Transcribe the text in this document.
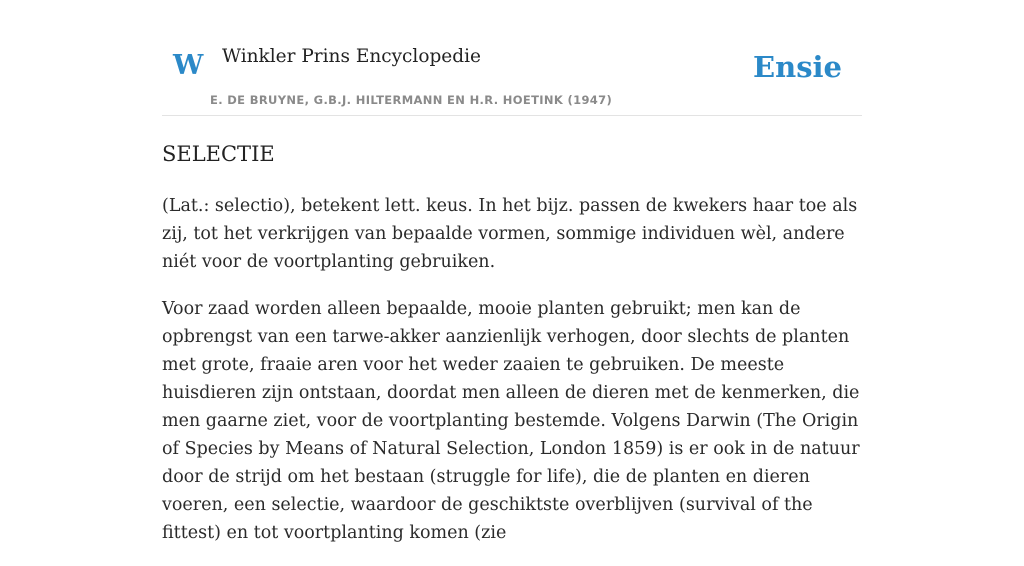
W Winkler Prins Encyclopedie
E. DE BRUYNE, G.B.J. HILTERMANN EN H.R. HOETINK (1947)
Ensie
SELECTIE

(Lat.: selectio), betekent lett. keus. In het bijz. passen de kwekers haar toe als zij, tot het verkrijgen van bepaalde vormen, sommige individuen wèl, andere niét voor de voortplanting gebruiken.

Voor zaad worden alleen bepaalde, mooie planten gebruikt; men kan de opbrengst van een tarwe-akker aanzienlijk verhogen, door slechts de planten met grote, fraaie aren voor het weder zaaien te gebruiken. De meeste huisdieren zijn ontstaan, doordat men alleen de dieren met de kenmerken, die men gaarne ziet, voor de voortplanting bestemde. Volgens Darwin (The Origin of Species by Means of Natural Selection, London 1859) is er ook in de natuur door de strijd om het bestaan (struggle for life), die de planten en dieren voeren, een selectie, waardoor de geschiktste overblijven (survival of the fittest) en tot voortplanting komen (zie
